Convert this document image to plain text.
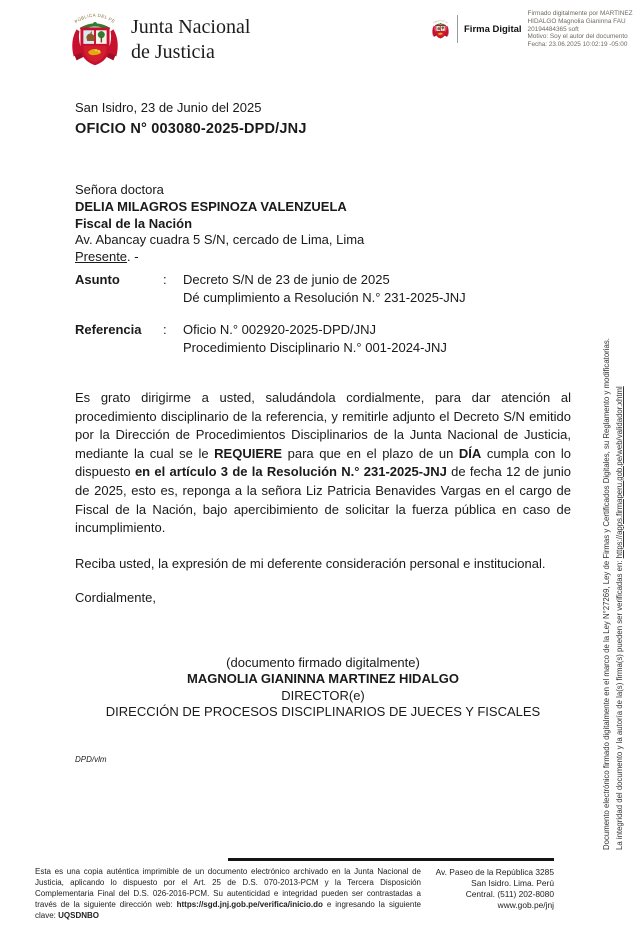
Junta Nacional
de Justicia
Firma Digital
Firmado digitalmente por MARTINEZ
HIDALGO Magnolia Gianinna FAU
20194484365 soft
Motivo: Soy el autor del documento
Fecha: 23.06.2025 10:02:19 -05:00
San Isidro, 23 de Junio del 2025
OFICIO N° 003080-2025-DPD/JNJ
Señora doctora
DELIA MILAGROS ESPINOZA VALENZUELA
Fiscal de la Nación
Av. Abancay cuadra 5 S/N, cercado de Lima, Lima
Presente. -
Asunto	:	Decreto S/N de 23 de junio de 2025
Dé cumplimiento a Resolución N.° 231-2025-JNJ
Referencia	:	Oficio N.° 002920-2025-DPD/JNJ
Procedimiento Disciplinario N.° 001-2024-JNJ
Es grato dirigirme a usted, saludándola cordialmente, para dar atención al procedimiento disciplinario de la referencia, y remitirle adjunto el Decreto S/N emitido por la Dirección de Procedimientos Disciplinarios de la Junta Nacional de Justicia, mediante la cual se le REQUIERE para que en el plazo de un DÍA cumpla con lo dispuesto en el artículo 3 de la Resolución N.° 231-2025-JNJ de fecha 12 de junio de 2025, esto es, reponga a la señora Liz Patricia Benavides Vargas en el cargo de Fiscal de la Nación, bajo apercibimiento de solicitar la fuerza pública en caso de incumplimiento.
Reciba usted, la expresión de mi deferente consideración personal e institucional.
Cordialmente,
(documento firmado digitalmente)
MAGNOLIA GIANINNA MARTINEZ HIDALGO
DIRECTOR(e)
DIRECCIÓN DE PROCESOS DISCIPLINARIOS DE JUECES Y FISCALES
DPD/vlm
Esta es una copia auténtica imprimible de un documento electrónico archivado en la Junta Nacional de Justicia, aplicando lo dispuesto por el Art. 25 de D.S. 070-2013-PCM y la Tercera Disposición Complementaria Final del D.S. 026-2016-PCM. Su autenticidad e integridad pueden ser contrastadas a través de la siguiente dirección web: https://sgd.jnj.gob.pe/verifica/inicio.do e ingresando la siguiente clave: UQSDNBO
Av. Paseo de la República 3285
San Isidro. Lima. Perú
Central. (511) 202-8080
www.gob.pe/jnj
Documento electrónico firmado digitalmente en el marco de la Ley N°27269, Ley de Firmas y Certificados Digitales, su Reglamento y modificatorias. La integridad del documento y la autoría de la(s) firma(s) pueden ser verificadas en: https://apps.firmaperu.gob.pe/web/validador.xhtml
